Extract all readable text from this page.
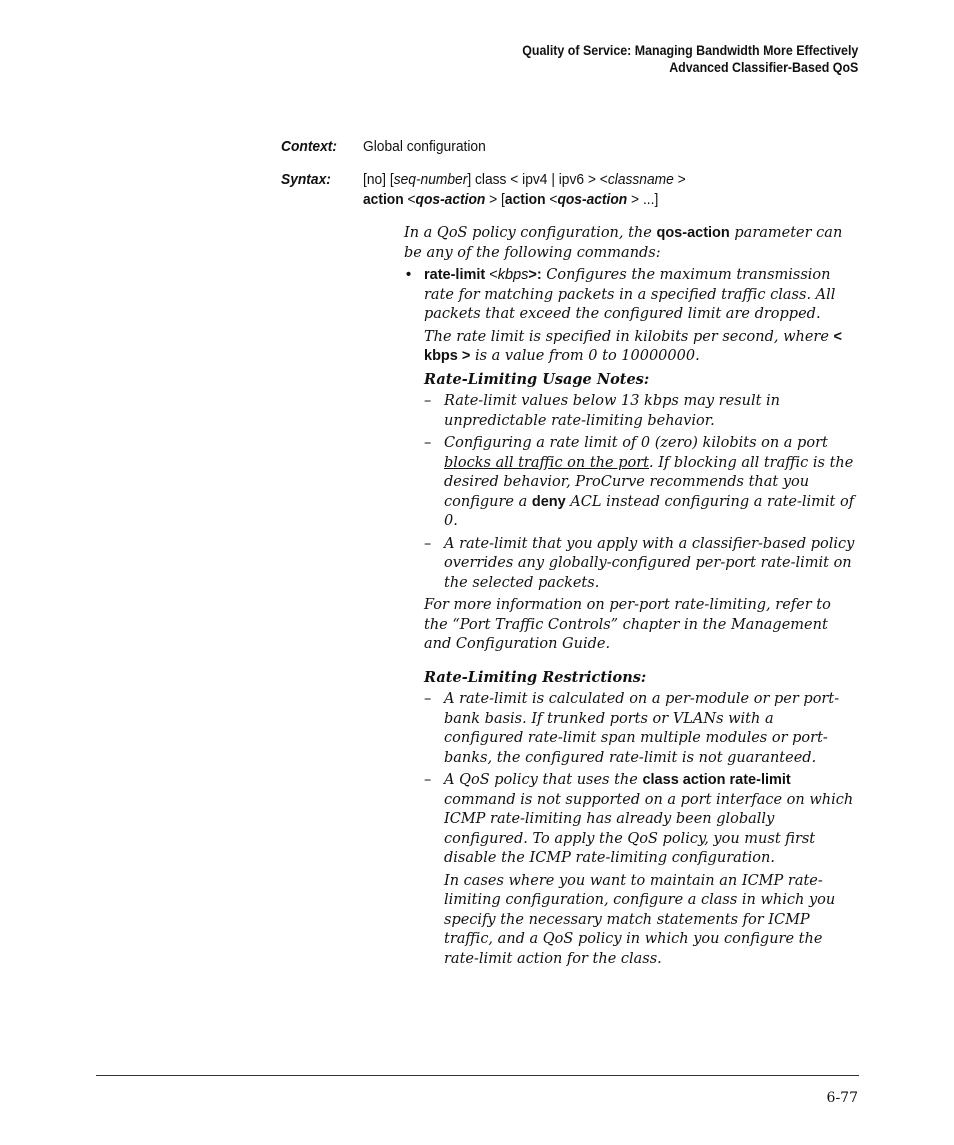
Quality of Service: Managing Bandwidth More Effectively
Advanced Classifier-Based QoS
Context: Global configuration
Syntax: [no] [seq-number] class < ipv4 | ipv6 > <classname >
action <qos-action > [action <qos-action > ...]

In a QoS policy configuration, the qos-action parameter can be any of the following commands:

• rate-limit <kbps>: Configures the maximum transmission rate for matching packets in a specified traffic class. All packets that exceed the configured limit are dropped.

The rate limit is specified in kilobits per second, where < kbps > is a value from 0 to 10000000.

Rate-Limiting Usage Notes:

– Rate-limit values below 13 kbps may result in unpredictable rate-limiting behavior.

– Configuring a rate limit of 0 (zero) kilobits on a port blocks all traffic on the port. If blocking all traffic is the desired behavior, ProCurve recommends that you configure a deny ACL instead configuring a rate-limit of 0.

– A rate-limit that you apply with a classifier-based policy overrides any globally-configured per-port rate-limit on the selected packets.

For more information on per-port rate-limiting, refer to the “Port Traffic Controls” chapter in the Management and Configuration Guide.

Rate-Limiting Restrictions:

– A rate-limit is calculated on a per-module or per port-bank basis. If trunked ports or VLANs with a configured rate-limit span multiple modules or port-banks, the configured rate-limit is not guaranteed.

– A QoS policy that uses the class action rate-limit command is not supported on a port interface on which ICMP rate-limiting has already been globally configured. To apply the QoS policy, you must first disable the ICMP rate-limiting configuration.

In cases where you want to maintain an ICMP rate-limiting configuration, configure a class in which you specify the necessary match statements for ICMP traffic, and a QoS policy in which you configure the rate-limit action for the class.

6-77
